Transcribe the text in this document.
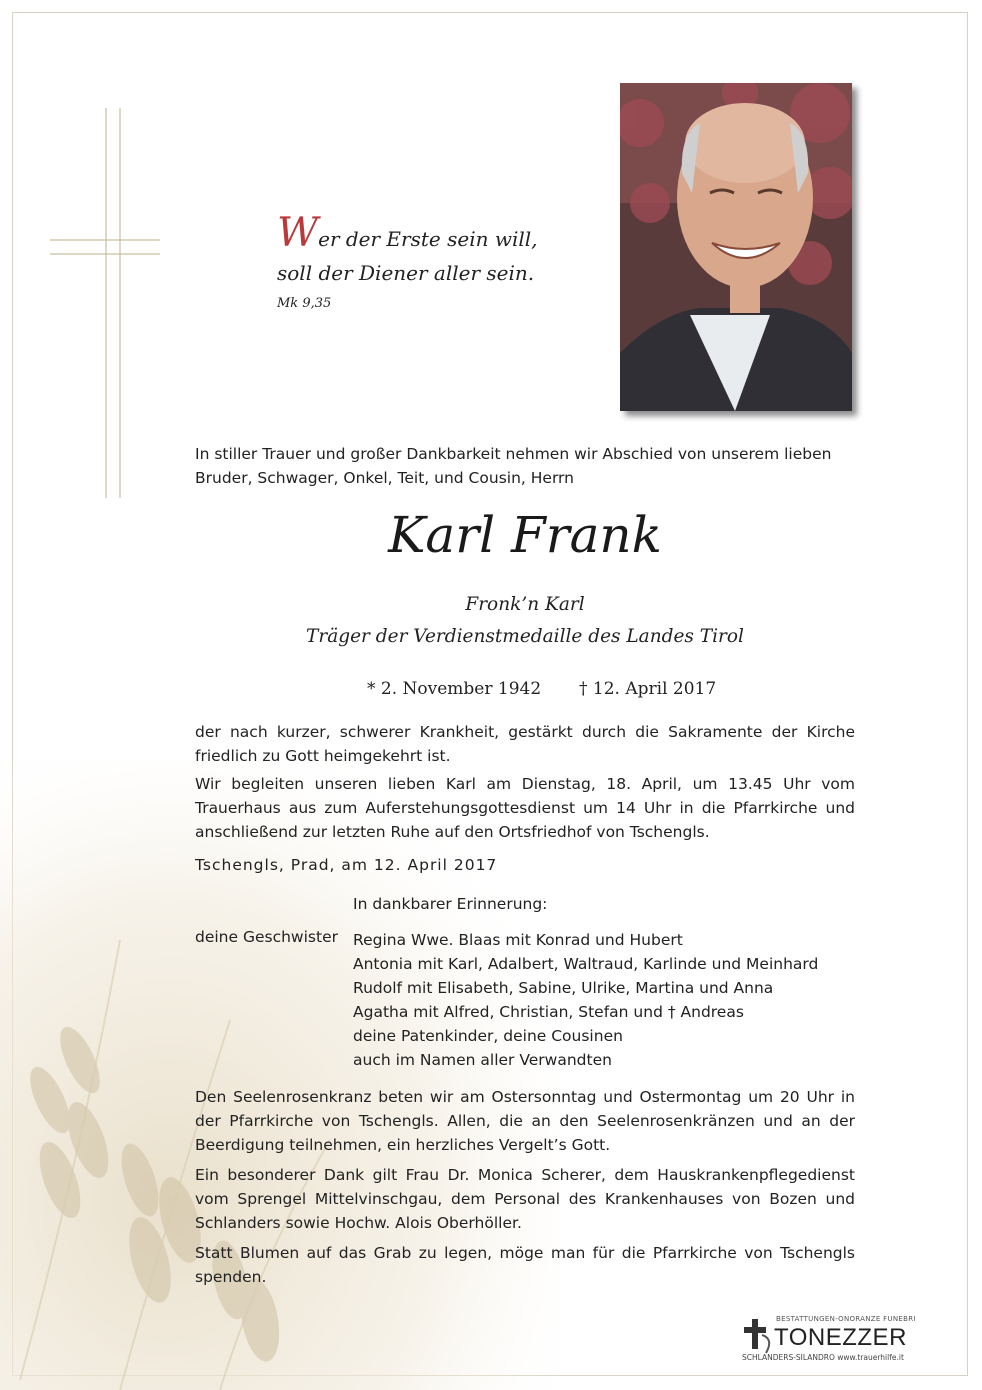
Wer der Erste sein will,
soll der Diener aller sein.
Mk 9,35
In stiller Trauer und großer Dankbarkeit nehmen wir Abschied von unserem lieben Bruder, Schwager, Onkel, Teit, und Cousin, Herrn
Karl Frank
Fronk’n Karl
Träger der Verdienstmedaille des Landes Tirol
* 2. November 1942 † 12. April 2017
der nach kurzer, schwerer Krankheit, gestärkt durch die Sakramente der Kirche friedlich zu Gott heimgekehrt ist.
Wir begleiten unseren lieben Karl am Dienstag, 18. April, um 13.45 Uhr vom Trauerhaus aus zum Auferstehungsgottesdienst um 14 Uhr in die Pfarrkirche und anschließend zur letzten Ruhe auf den Ortsfriedhof von Tschengls.
Tschengls, Prad, am 12. April 2017
In dankbarer Erinnerung:
deine Geschwister Regina Wwe. Blaas mit Konrad und Hubert
Antonia mit Karl, Adalbert, Waltraud, Karlinde und Meinhard
Rudolf mit Elisabeth, Sabine, Ulrike, Martina und Anna
Agatha mit Alfred, Christian, Stefan und † Andreas
deine Patenkinder, deine Cousinen
auch im Namen aller Verwandten
Den Seelenrosenkranz beten wir am Ostersonntag und Ostermontag um 20 Uhr in der Pfarrkirche von Tschengls. Allen, die an den Seelenrosenkränzen und an der Beerdigung teilnehmen, ein herzliches Vergelt’s Gott.
Ein besonderer Dank gilt Frau Dr. Monica Scherer, dem Hauskrankenpflegedienst vom Sprengel Mittelvinschgau, dem Personal des Krankenhauses von Bozen und Schlanders sowie Hochw. Alois Oberhöller.
Statt Blumen auf das Grab zu legen, möge man für die Pfarrkirche von Tschengls spenden.
BESTATTUNGEN-ONORANZE FUNEBRI
TONEZZER
SCHLANDERS-SILANDRO www.trauerhilfe.it
